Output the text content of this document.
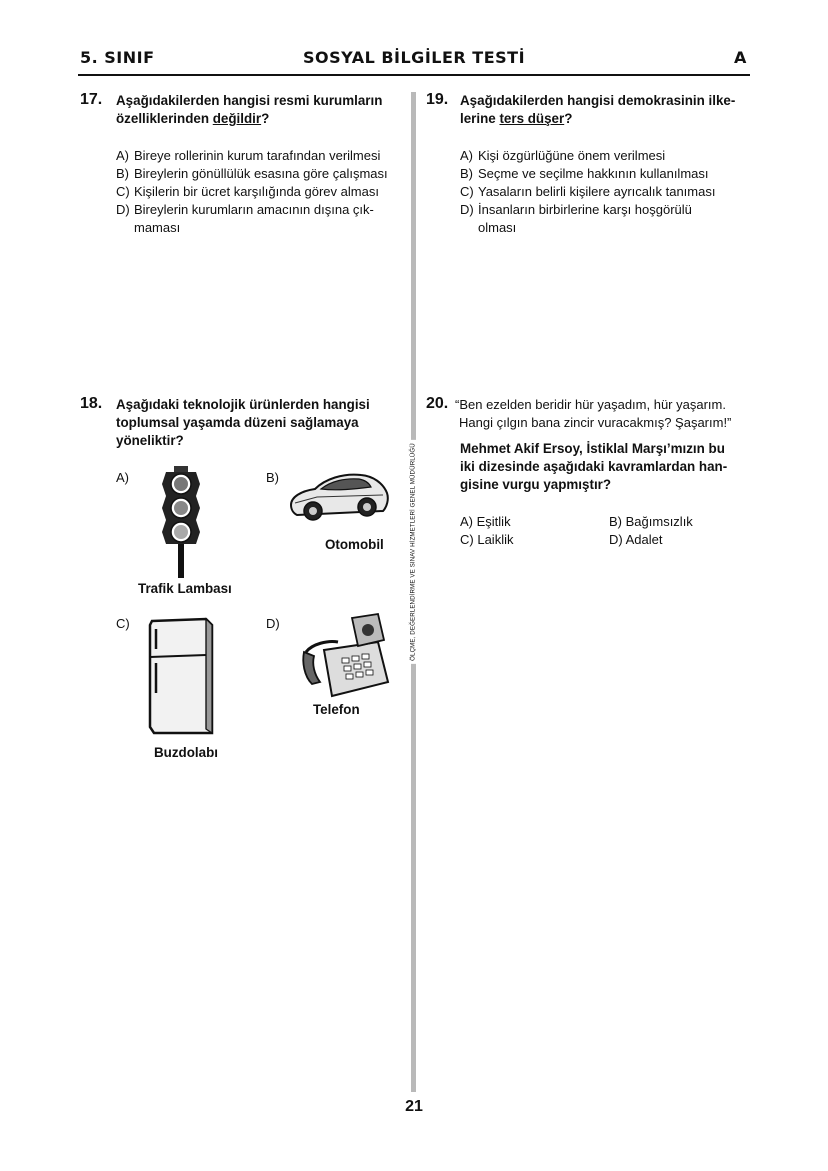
5. SINIF	SOSYAL BİLGİLER TESTİ	A
ÖLÇME, DEĞERLENDİRME VE SINAV HİZMETLERİ GENEL MÜDÜRLÜĞÜ
17. Aşağıdakilerden hangisi resmi kurumların
özelliklerinden değildir?
A) Bireye rollerinin kurum tarafından verilmesi
B) Bireylerin gönüllülük esasına göre çalışması
C) Kişilerin bir ücret karşılığında görev alması
D) Bireylerin kurumların amacının dışına çık-
maması
19. Aşağıdakilerden hangisi demokrasinin ilke-
lerine ters düşer?
A) Kişi özgürlüğüne önem verilmesi
B) Seçme ve seçilme hakkının kullanılması
C) Yasaların belirli kişilere ayrıcalık tanıması
D) İnsanların birbirlerine karşı hoşgörülü
olması
18. Aşağıdaki teknolojik ürünlerden hangisi
toplumsal yaşamda düzeni sağlamaya
yöneliktir?
A)
Trafik Lambası
B)
Otomobil
C)
Buzdolabı
D)
Telefon
20. “Ben ezelden beridir hür yaşadım, hür yaşarım.
Hangi çılgın bana zincir vuracakmış? Şaşarım!”
Mehmet Akif Ersoy, İstiklal Marşı’mızın bu
iki dizesinde aşağıdaki kavramlardan han-
gisine vurgu yapmıştır?
A) Eşitlik	B) Bağımsızlık
C) Laiklik	D) Adalet
21
